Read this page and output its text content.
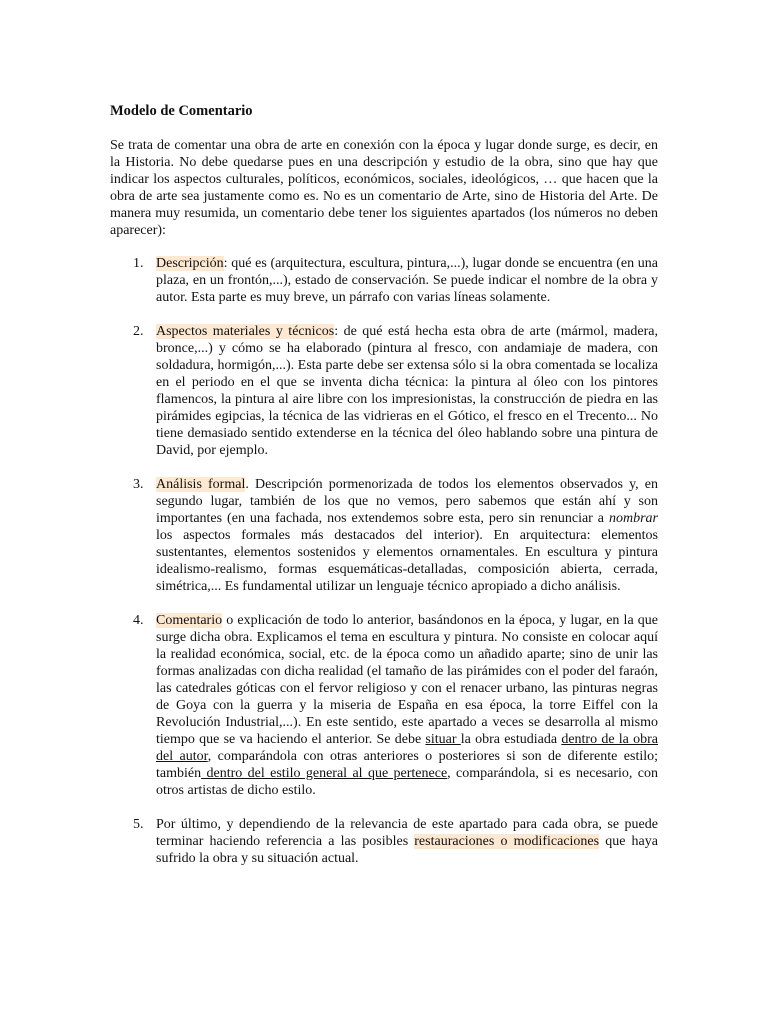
Modelo de Comentario

Se trata de comentar una obra de arte en conexión con la época y lugar donde surge, es decir, en la Historia. No debe quedarse pues en una descripción y estudio de la obra, sino que hay que indicar los aspectos culturales, políticos, económicos, sociales, ideológicos, … que hacen que la obra de arte sea justamente como es. No es un comentario de Arte, sino de Historia del Arte. De manera muy resumida, un comentario debe tener los siguientes apartados (los números no deben aparecer):

1. Descripción: qué es (arquitectura, escultura, pintura,...), lugar donde se encuentra (en una plaza, en un frontón,...), estado de conservación. Se puede indicar el nombre de la obra y autor. Esta parte es muy breve, un párrafo con varias líneas solamente.
2. Aspectos materiales y técnicos: de qué está hecha esta obra de arte (mármol, madera, bronce,...) y cómo se ha elaborado (pintura al fresco, con andamiaje de madera, con soldadura, hormigón,...). Esta parte debe ser extensa sólo si la obra comentada se localiza en el periodo en el que se inventa dicha técnica: la pintura al óleo con los pintores flamencos, la pintura al aire libre con los impresionistas, la construcción de piedra en las pirámides egipcias, la técnica de las vidrieras en el Gótico, el fresco en el Trecento... No tiene demasiado sentido extenderse en la técnica del óleo hablando sobre una pintura de David, por ejemplo.
3. Análisis formal. Descripción pormenorizada de todos los elementos observados y, en segundo lugar, también de los que no vemos, pero sabemos que están ahí y son importantes (en una fachada, nos extendemos sobre esta, pero sin renunciar a nombrar los aspectos formales más destacados del interior). En arquitectura: elementos sustentantes, elementos sostenidos y elementos ornamentales. En escultura y pintura idealismo-realismo, formas esquemáticas-detalladas, composición abierta, cerrada, simétrica,... Es fundamental utilizar un lenguaje técnico apropiado a dicho análisis.
4. Comentario o explicación de todo lo anterior, basándonos en la época, y lugar, en la que surge dicha obra. Explicamos el tema en escultura y pintura. No consiste en colocar aquí la realidad económica, social, etc. de la época como un añadido aparte; sino de unir las formas analizadas con dicha realidad (el tamaño de las pirámides con el poder del faraón, las catedrales góticas con el fervor religioso y con el renacer urbano, las pinturas negras de Goya con la guerra y la miseria de España en esa época, la torre Eiffel con la Revolución Industrial,...). En este sentido, este apartado a veces se desarrolla al mismo tiempo que se va haciendo el anterior. Se debe situar la obra estudiada dentro de la obra del autor, comparándola con otras anteriores o posteriores si son de diferente estilo; también dentro del estilo general al que pertenece, comparándola, si es necesario, con otros artistas de dicho estilo.
5. Por último, y dependiendo de la relevancia de este apartado para cada obra, se puede terminar haciendo referencia a las posibles restauraciones o modificaciones que haya sufrido la obra y su situación actual.
